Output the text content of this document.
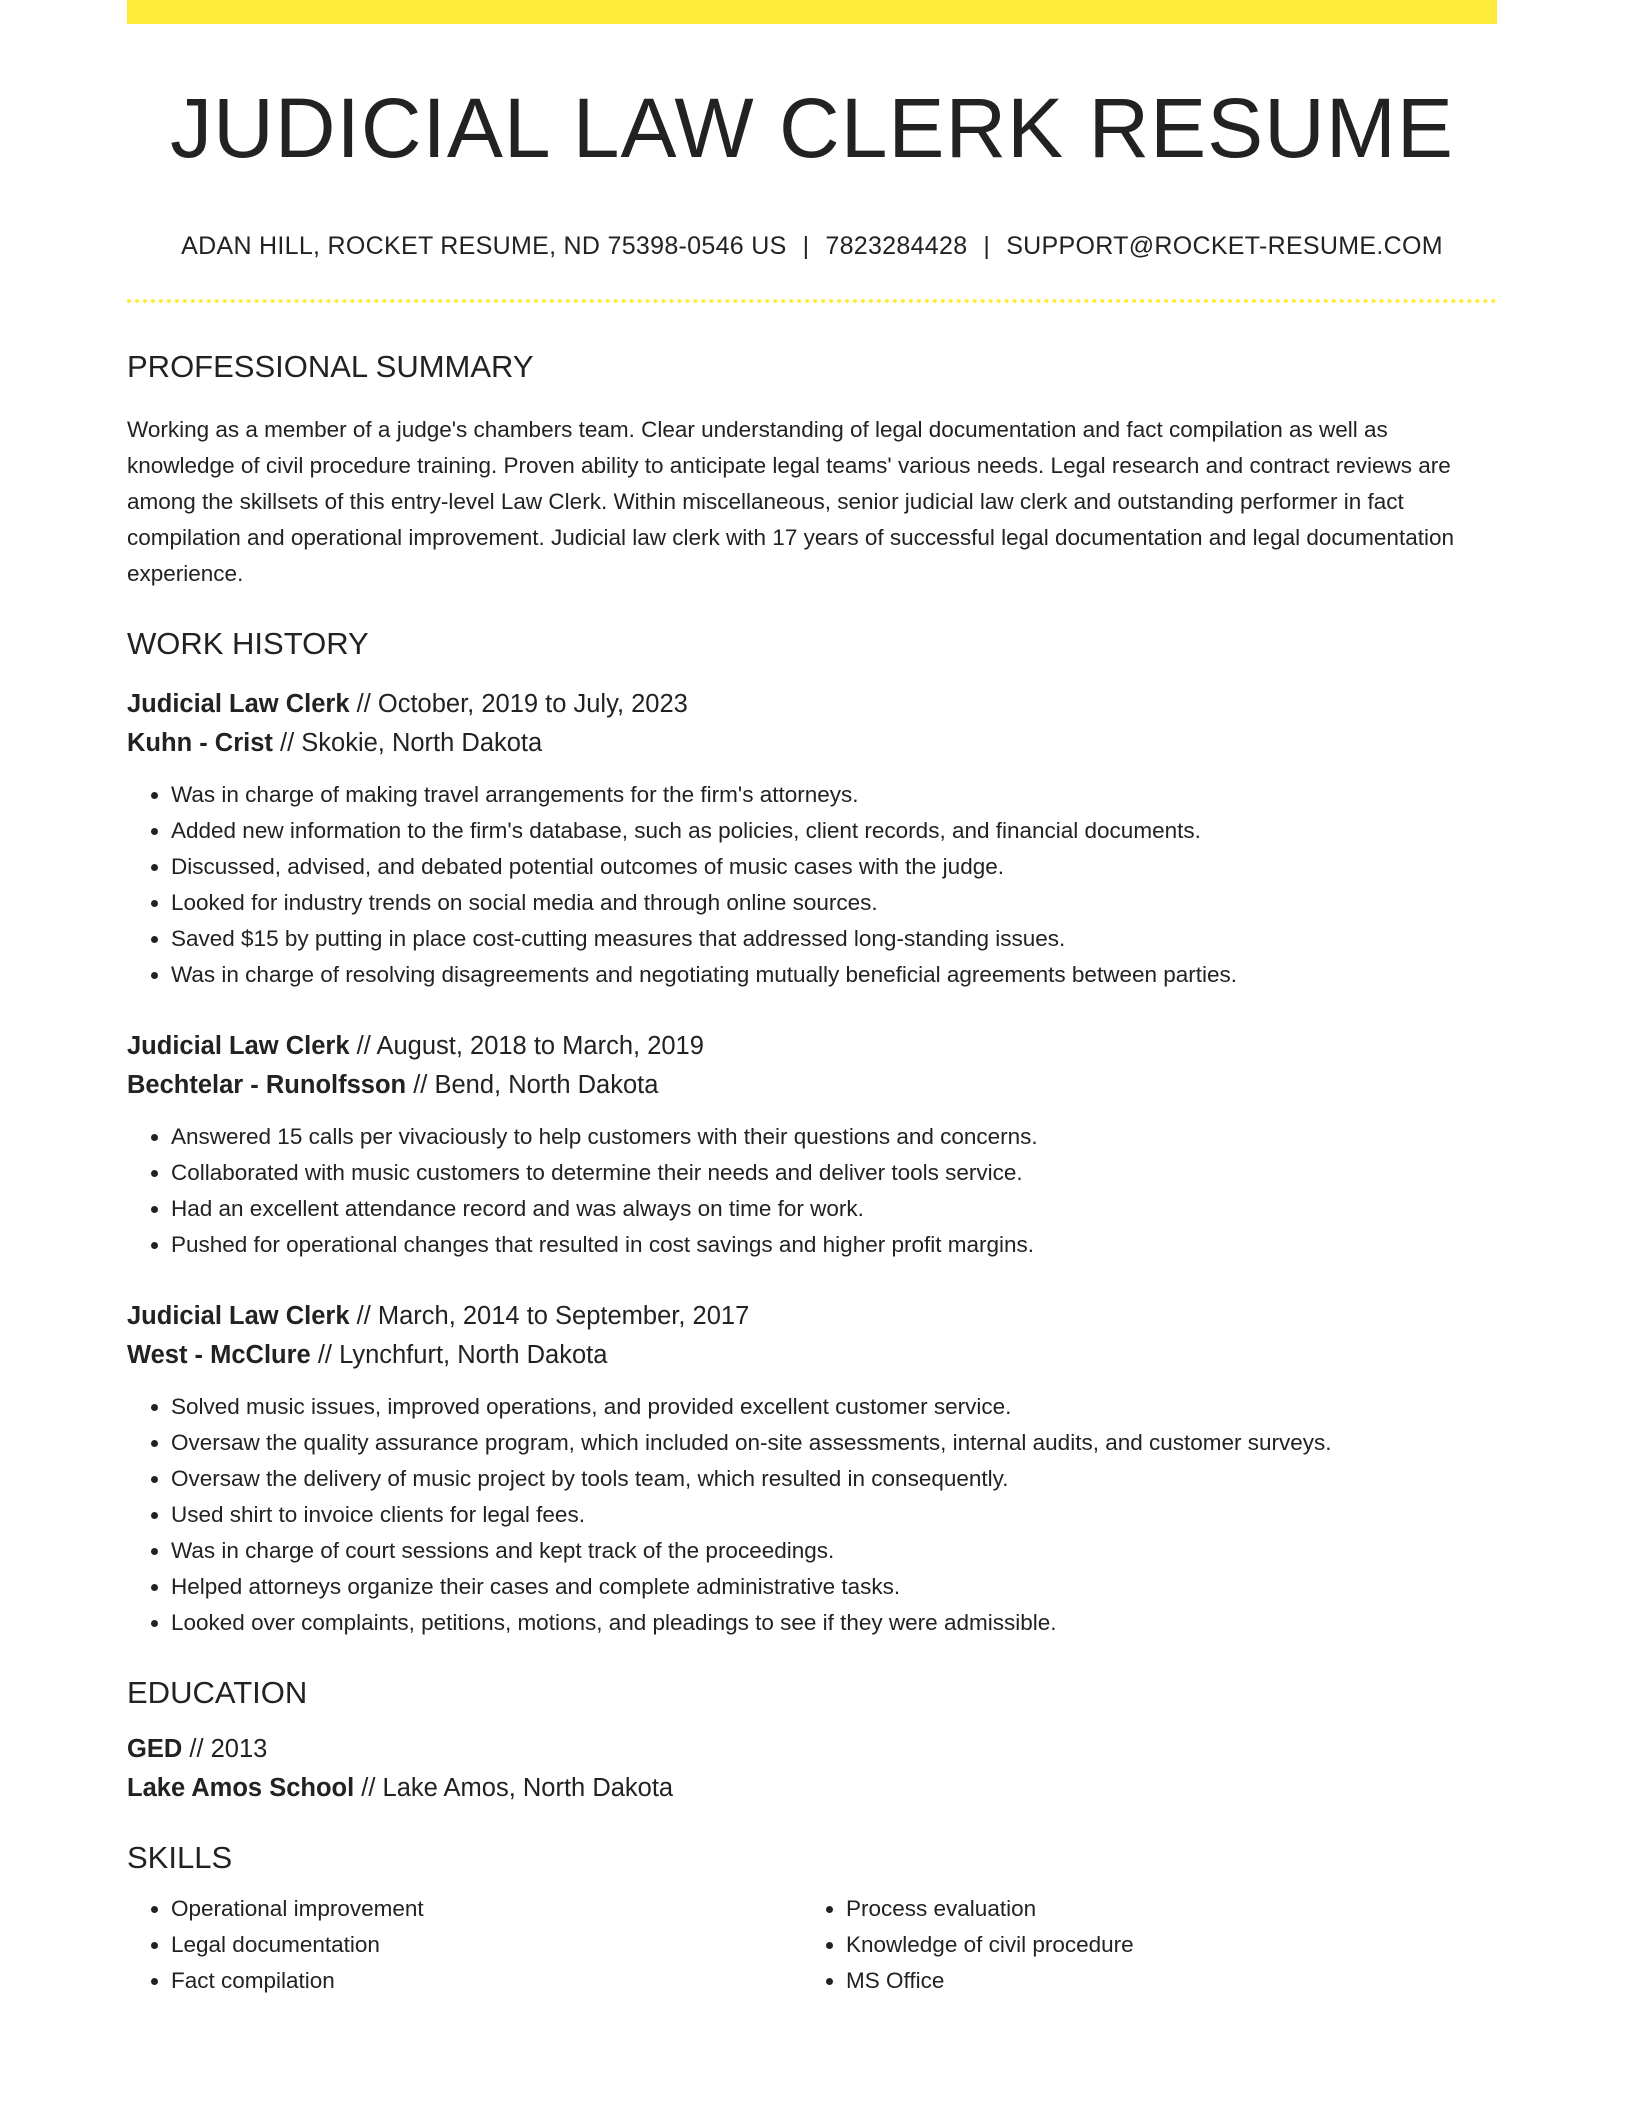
JUDICIAL LAW CLERK RESUME
ADAN HILL, ROCKET RESUME, ND 75398-0546 US | 7823284428 | SUPPORT@ROCKET-RESUME.COM
PROFESSIONAL SUMMARY

Working as a member of a judge's chambers team. Clear understanding of legal documentation and fact compilation as well as knowledge of civil procedure training. Proven ability to anticipate legal teams' various needs. Legal research and contract reviews are among the skillsets of this entry-level Law Clerk. Within miscellaneous, senior judicial law clerk and outstanding performer in fact compilation and operational improvement. Judicial law clerk with 17 years of successful legal documentation and legal documentation experience.

WORK HISTORY
Judicial Law Clerk // October, 2019 to July, 2023
Kuhn - Crist // Skokie, North Dakota
• Was in charge of making travel arrangements for the firm's attorneys.
• Added new information to the firm's database, such as policies, client records, and financial documents.
• Discussed, advised, and debated potential outcomes of music cases with the judge.
• Looked for industry trends on social media and through online sources.
• Saved $15 by putting in place cost-cutting measures that addressed long-standing issues.
• Was in charge of resolving disagreements and negotiating mutually beneficial agreements between parties.
Judicial Law Clerk // August, 2018 to March, 2019
Bechtelar - Runolfsson // Bend, North Dakota
• Answered 15 calls per vivaciously to help customers with their questions and concerns.
• Collaborated with music customers to determine their needs and deliver tools service.
• Had an excellent attendance record and was always on time for work.
• Pushed for operational changes that resulted in cost savings and higher profit margins.
Judicial Law Clerk // March, 2014 to September, 2017
West - McClure // Lynchfurt, North Dakota
• Solved music issues, improved operations, and provided excellent customer service.
• Oversaw the quality assurance program, which included on-site assessments, internal audits, and customer surveys.
• Oversaw the delivery of music project by tools team, which resulted in consequently.
• Used shirt to invoice clients for legal fees.
• Was in charge of court sessions and kept track of the proceedings.
• Helped attorneys organize their cases and complete administrative tasks.
• Looked over complaints, petitions, motions, and pleadings to see if they were admissible.
EDUCATION
GED // 2013
Lake Amos School // Lake Amos, North Dakota
SKILLS
• Operational improvement
• Legal documentation
• Fact compilation
• Process evaluation
• Knowledge of civil procedure
• MS Office
